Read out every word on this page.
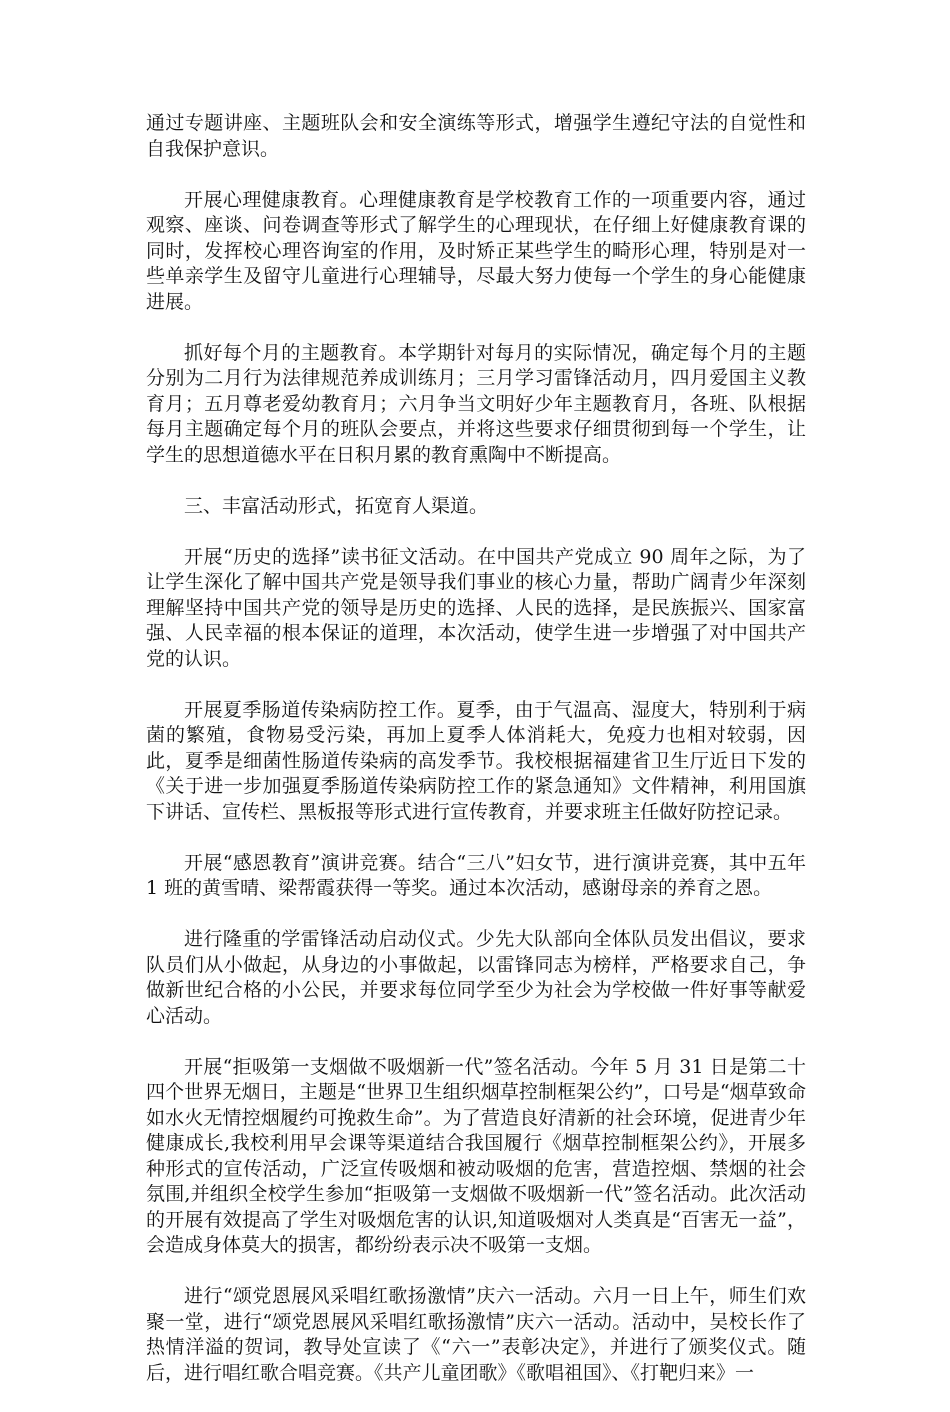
通过专题讲座、主题班队会和安全演练等形式，增强学生遵纪守法的自觉性和自我保护意识。

开展心理健康教育。心理健康教育是学校教育工作的一项重要内容，通过观察、座谈、问卷调查等形式了解学生的心理现状，在仔细上好健康教育课的同时，发挥校心理咨询室的作用，及时矫正某些学生的畸形心理，特别是对一些单亲学生及留守儿童进行心理辅导，尽最大努力使每一个学生的身心能健康进展。

抓好每个月的主题教育。本学期针对每月的实际情况，确定每个月的主题分别为二月行为法律规范养成训练月；三月学习雷锋活动月，四月爱国主义教育月；五月尊老爱幼教育月；六月争当文明好少年主题教育月，各班、队根据每月主题确定每个月的班队会要点，并将这些要求仔细贯彻到每一个学生，让学生的思想道德水平在日积月累的教育熏陶中不断提高。

三、丰富活动形式，拓宽育人渠道。

开展“历史的选择”读书征文活动。在中国共产党成立 90 周年之际，为了让学生深化了解中国共产党是领导我们事业的核心力量，帮助广阔青少年深刻理解坚持中国共产党的领导是历史的选择、人民的选择，是民族振兴、国家富强、人民幸福的根本保证的道理，本次活动，使学生进一步增强了对中国共产党的认识。

开展夏季肠道传染病防控工作。夏季，由于气温高、湿度大，特别利于病菌的繁殖，食物易受污染，再加上夏季人体消耗大，免疫力也相对较弱，因此，夏季是细菌性肠道传染病的高发季节。我校根据福建省卫生厅近日下发的《关于进一步加强夏季肠道传染病防控工作的紧急通知》文件精神，利用国旗下讲话、宣传栏、黑板报等形式进行宣传教育，并要求班主任做好防控记录。

开展“感恩教育”演讲竞赛。结合“三八”妇女节，进行演讲竞赛，其中五年 1 班的黄雪晴、梁帮霞获得一等奖。通过本次活动，感谢母亲的养育之恩。

进行隆重的学雷锋活动启动仪式。少先大队部向全体队员发出倡议，要求队员们从小做起，从身边的小事做起，以雷锋同志为榜样，严格要求自己，争做新世纪合格的小公民，并要求每位同学至少为社会为学校做一件好事等献爱心活动。

开展“拒吸第一支烟做不吸烟新一代”签名活动。今年 5 月 31 日是第二十四个世界无烟日，主题是“世界卫生组织烟草控制框架公约”，口号是“烟草致命如水火无情控烟履约可挽救生命”。为了营造良好清新的社会环境，促进青少年健康成长,我校利用早会课等渠道结合我国履行《烟草控制框架公约》，开展多种形式的宣传活动，广泛宣传吸烟和被动吸烟的危害，营造控烟、禁烟的社会氛围,并组织全校学生参加“拒吸第一支烟做不吸烟新一代”签名活动。此次活动的开展有效提高了学生对吸烟危害的认识,知道吸烟对人类真是“百害无一益”，会造成身体莫大的损害，都纷纷表示决不吸第一支烟。

进行“颂党恩展风采唱红歌扬激情”庆六一活动。六月一日上午，师生们欢聚一堂，进行“颂党恩展风采唱红歌扬激情”庆六一活动。活动中，吴校长作了热情洋溢的贺词，教导处宣读了《“六一”表彰决定》，并进行了颁奖仪式。随后，进行唱红歌合唱竞赛。《共产儿童团歌》《歌唱祖国》、《打靶归来》一
